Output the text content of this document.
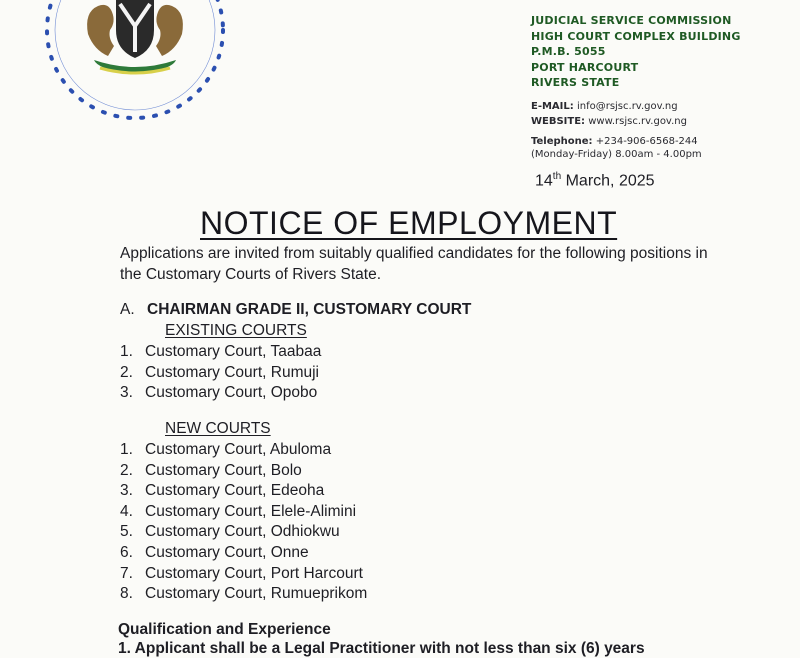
JUDICIAL SERVICE COMMISSION
HIGH COURT COMPLEX BUILDING
P.M.B. 5055
PORT HARCOURT
RIVERS STATE
E-MAIL: info@rsjsc.rv.gov.ng
WEBSITE: www.rsjsc.rv.gov.ng
Telephone: +234-906-6568-244
(Monday-Friday) 8.00am - 4.00pm
14th March, 2025
NOTICE OF EMPLOYMENT
Applications are invited from suitably qualified candidates for the following positions in the Customary Courts of Rivers State.
A. CHAIRMAN GRADE II, CUSTOMARY COURT
EXISTING COURTS
1. Customary Court, Taabaa
2. Customary Court, Rumuji
3. Customary Court, Opobo
NEW COURTS
1. Customary Court, Abuloma
2. Customary Court, Bolo
3. Customary Court, Edeoha
4. Customary Court, Elele-Alimini
5. Customary Court, Odhiokwu
6. Customary Court, Onne
7. Customary Court, Port Harcourt
8. Customary Court, Rumueprikom
Qualification and Experience
1. Applicant shall be a Legal Practitioner with not less than six (6) years
